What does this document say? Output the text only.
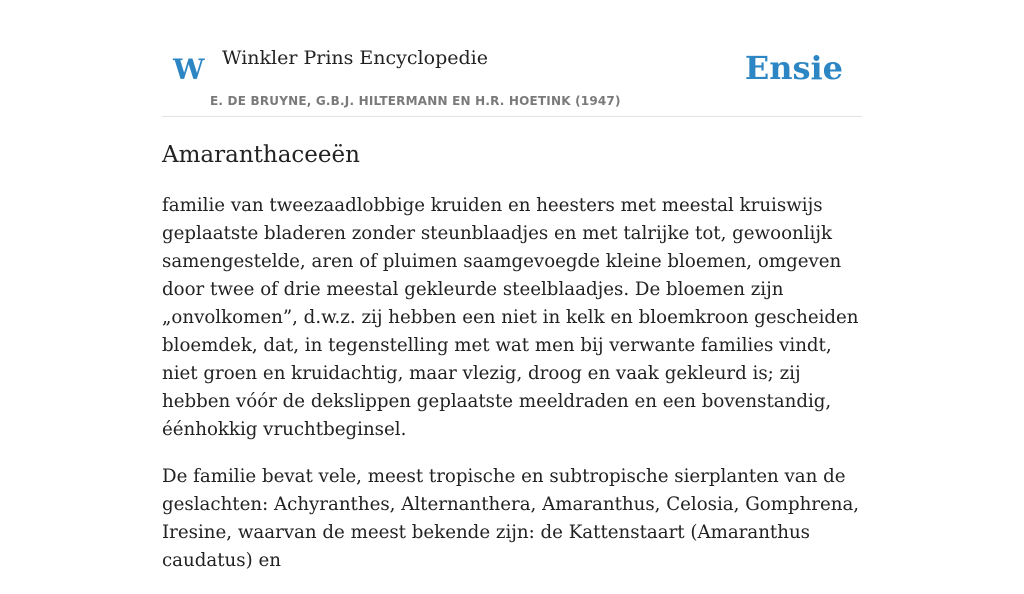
W Winkler Prins Encyclopedie
E. DE BRUYNE, G.B.J. HILTERMANN EN H.R. HOETINK (1947)
Ensie
Amaranthaceeën

familie van tweezaadlobbige kruiden en heesters met meestal kruiswijs geplaatste bladeren zonder steunblaadjes en met talrijke tot, gewoonlijk samengestelde, aren of pluimen saamgevoegde kleine bloemen, omgeven door twee of drie meestal gekleurde steelblaadjes. De bloemen zijn „onvolkomen”, d.w.z. zij hebben een niet in kelk en bloemkroon gescheiden bloemdek, dat, in tegenstelling met wat men bij verwante families vindt, niet groen en kruidachtig, maar vlezig, droog en vaak gekleurd is; zij hebben vóór de dekslippen geplaatste meeldraden en een bovenstandig, éénhokkig vruchtbeginsel.

De familie bevat vele, meest tropische en subtropische sierplanten van de geslachten: Achyranthes, Alternanthera, Amaranthus, Celosia, Gomphrena, Iresine, waarvan de meest bekende zijn: de Kattenstaart (Amaranthus caudatus) en
